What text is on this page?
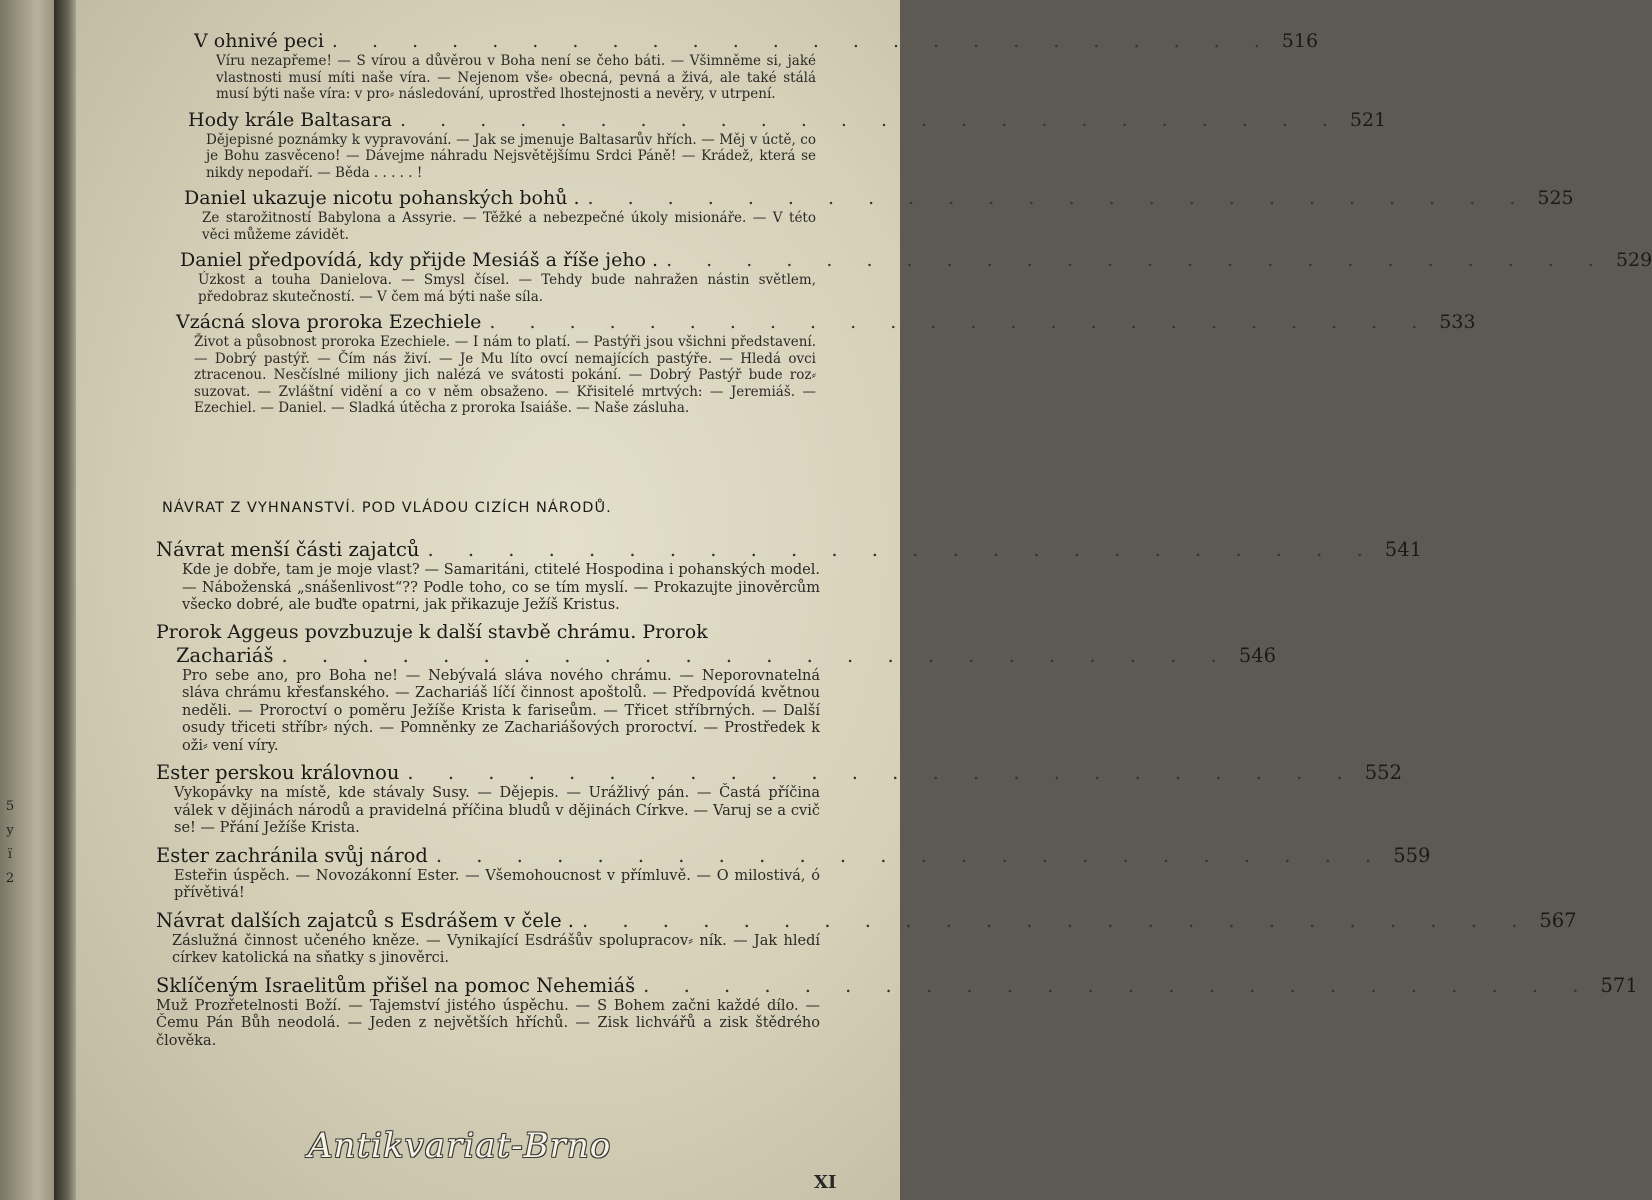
5
y
ï
2
V ohnivé peci . . . . . . . . . . . . . . . . . . . . . . . . 516
Víru nezapřeme! — S vírou a důvěrou v Boha není se čeho báti. — Všimněme si, jaké vlastnosti musí míti naše víra. — Nejenom vše⸗ obecná, pevná a živá, ale také stálá musí býti naše víra: v pro⸗ následování, uprostřed lhostejnosti a nevěry, v utrpení.
Hody krále Baltasara . . . . . . . . . . . . . . . . . . . . . . . . 521
Dějepisné poznámky k vypravování. — Jak se jmenuje Baltasarův hřích. — Měj v úctě, co je Bohu zasvěceno! — Dávejme náhradu Nejsvětějšímu Srdci Páně! — Krádež, která se nikdy nepodaří. — Běda . . . . . !
Daniel ukazuje nicotu pohanských bohů . . . . . . . . . . . . . . . . . . . . . . . . . 525
Ze starožitností Babylona a Assyrie. — Těžké a nebezpečné úkoly misionáře. — V této věci můžeme závidět.
Daniel předpovídá, kdy přijde Mesiáš a říše jeho . . . . . . . . . . . . . . . . . . . . . . . . . 529
Úzkost a touha Danielova. — Smysl čísel. — Tehdy bude nahražen nástin světlem, předobraz skutečností. — V čem má býti naše síla.
Vzácná slova proroka Ezechiele . . . . . . . . . . . . . . . . . . . . . . . . 533
Život a působnost proroka Ezechiele. — I nám to platí. — Pastýři jsou všichni představení. — Dobrý pastýř. — Čím nás živí. — Je Mu líto ovcí nemajících pastýře. — Hledá ovci ztracenou. Nesčíslné miliony jich nalézá ve svátosti pokání. — Dobrý Pastýř bude roz⸗ suzovat. — Zvláštní vidění a co v něm obsaženo. — Křisitelé mrtvých: — Jeremiáš. — Ezechiel. — Daniel. — Sladká útěcha z proroka Isaiáše. — Naše zásluha.
NÁVRAT Z VYHNANSTVÍ. POD VLÁDOU CIZÍCH NÁRODŮ.
Návrat menší části zajatců . . . . . . . . . . . . . . . . . . . . . . . . 541
Kde je dobře, tam je moje vlast? — Samaritáni, ctitelé Hospodina i pohanských model. — Náboženská „snášenlivost“?? Podle toho, co se tím myslí. — Prokazujte jinověrcům všecko dobré, ale buďte opatrni, jak přikazuje Ježíš Kristus.
Prorok Aggeus povzbuzuje k další stavbě chrámu. Prorok
Zachariáš . . . . . . . . . . . . . . . . . . . . . . . . 546
Pro sebe ano, pro Boha ne! — Nebývalá sláva nového chrámu. — Neporovnatelná sláva chrámu křesťanského. — Zachariáš líčí činnost apoštolů. — Předpovídá květnou neděli. — Proroctví o poměru Ježíše Krista k fariseům. — Třicet stříbrných. — Další osudy třiceti stříbr⸗ ných. — Pomněnky ze Zachariášových proroctví. — Prostředek k oži⸗ vení víry.
Ester perskou královnou . . . . . . . . . . . . . . . . . . . . . . . . 552
Vykopávky na místě, kde stávaly Susy. — Dějepis. — Urážlivý pán. — Častá příčina válek v dějinách národů a pravidelná příčina bludů v dějinách Církve. — Varuj se a cvič se! — Přání Ježíše Krista.
Ester zachránila svůj národ . . . . . . . . . . . . . . . . . . . . . . . . 559
Esteřin úspěch. — Novozákonní Ester. — Všemohoucnost v přímluvě. — O milostivá, ó přívětivá!
Návrat dalších zajatců s Esdrášem v čele . . . . . . . . . . . . . . . . . . . . . . . . . 567
Záslužná činnost učeného kněze. — Vynikající Esdrášův spolupracov⸗ ník. — Jak hledí církev katolická na sňatky s jinověrci.
Sklíčeným Israelitům přišel na pomoc Nehemiáš . . . . . . . . . . . . . . . . . . . . . . . . 571
Muž Prozřetelnosti Boží. — Tajemství jistého úspěchu. — S Bohem začni každé dílo. — Čemu Pán Bůh neodolá. — Jeden z největších hříchů. — Zisk lichvářů a zisk štědrého člověka.
Antikvariat-Brno
XI
